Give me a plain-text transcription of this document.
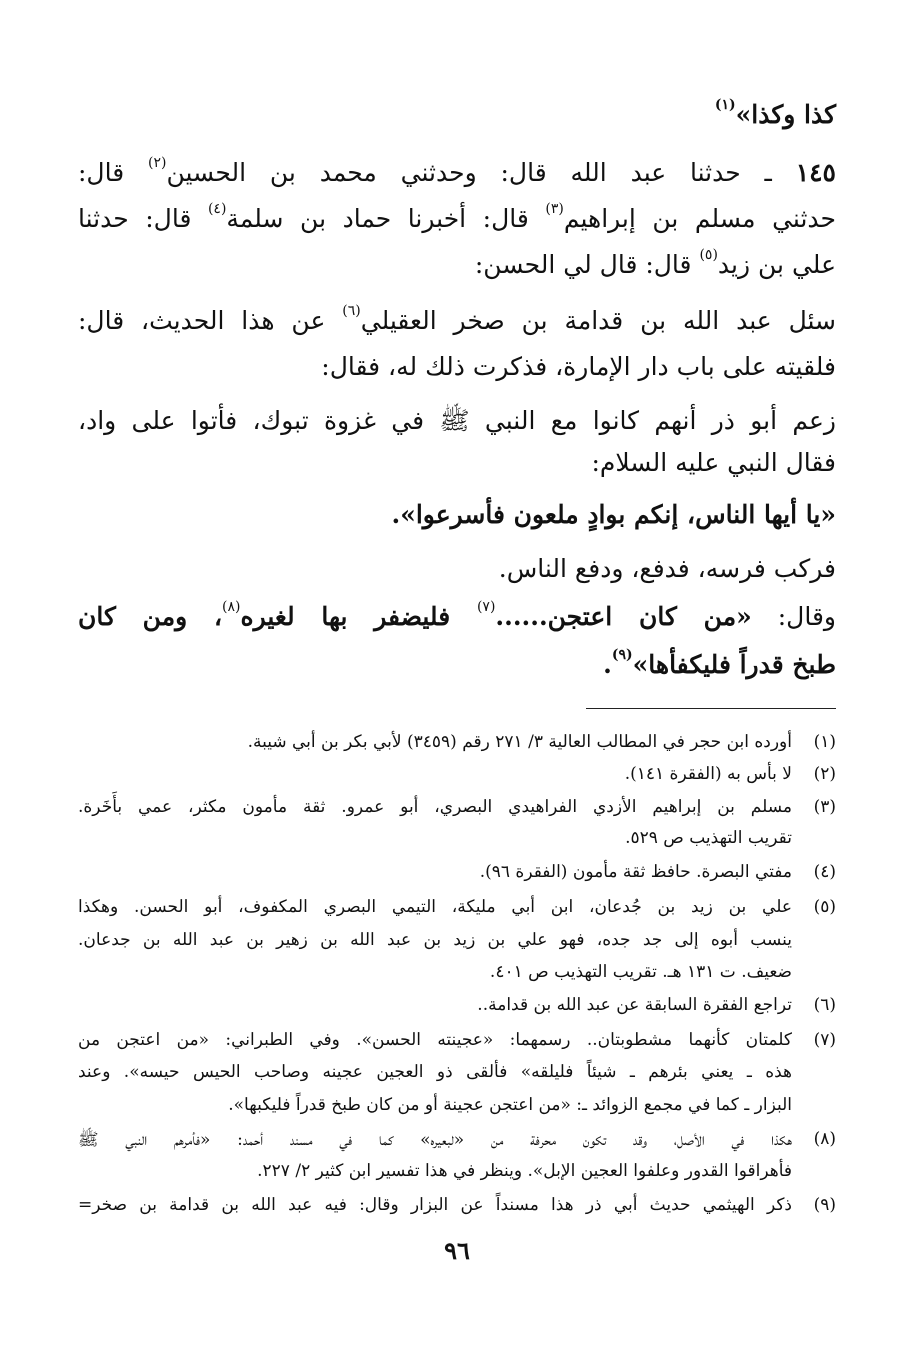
كذا وكذا»$^{(١)}$
١٤٥ ـ حدثنا عبد الله قال: وحدثني محمد بن الحسين$^{(٢)}$ قال:
حدثني مسلم بن إبراهيم$^{(٣)}$ قال: أخبرنا حماد بن سلمة$^{(٤)}$ قال: حدثنا
علي بن زيد$^{(٥)}$ قال: قال لي الحسن:
سئل عبد الله بن قدامة بن صخر العقيلي$^{(٦)}$ عن هذا الحديث، قال:
فلقيته على باب دار الإمارة، فذكرت ذلك له، فقال:
زعم أبو ذر أنهم كانوا مع النبي ﷺ في غزوة تبوك، فأتوا على واد،
فقال النبي عليه السلام:
«يا أيها الناس، إنكم بوادٍ ملعون فأسرعوا».
فركب فرسه، فدفع، ودفع الناس.
وقال: «من كان اعتجن......$^{(٧)}$ فليضفر بها لغيره$^{(٨)}$، ومن كان
طبخ قدراً فليكفأها»$^{(٩)}$.
(١)
أورده ابن حجر في المطالب العالية ٣/ ٢٧١ رقم (٣٤٥٩) لأبي بكر بن أبي شيبة.
(٢)
لا بأس به (الفقرة ١٤١).
(٣)
مسلم بن إبراهيم الأزدي الفراهيدي البصري، أبو عمرو. ثقة مأمون مكثر، عمي بأَخَرة.
تقريب التهذيب ص ٥٢٩.
(٤)
مفتي البصرة. حافظ ثقة مأمون (الفقرة ٩٦).
(٥)
علي بن زيد بن جُدعان، ابن أبي مليكة، التيمي البصري المكفوف، أبو الحسن. وهكذا
ينسب أبوه إلى جد جده، فهو علي بن زيد بن عبد الله بن زهير بن عبد الله بن جدعان.
ضعيف. ت ١٣١ هـ. تقريب التهذيب ص ٤٠١.
(٦)
تراجع الفقرة السابقة عن عبد الله بن قدامة..
(٧)
كلمتان كأنهما مشطوبتان.. رسمهما: «عجينته الحسن». وفي الطبراني: «من اعتجن من
هذه ـ يعني بئرهم ـ شيئاً فليلقه» فألقى ذو العجين عجينه وصاحب الحيس حيسه». وعند
البزار ـ كما في مجمع الزوائد ـ: «من اعتجن عجينة أو من كان طبخ قدراً فليكبها».
(٨)
هكذا في الأصل، وقد تكون محرفة من «لبعيره» كما في مسند أحمد: «فأمرهم النبي ﷺ
فأهراقوا القدور وعلفوا العجين الإبل». وينظر في هذا تفسير ابن كثير ٢/ ٢٢٧.
(٩)
ذكر الهيثمي حديث أبي ذر هذا مسنداً عن البزار وقال: فيه عبد الله بن قدامة بن صخر=
٩٦
